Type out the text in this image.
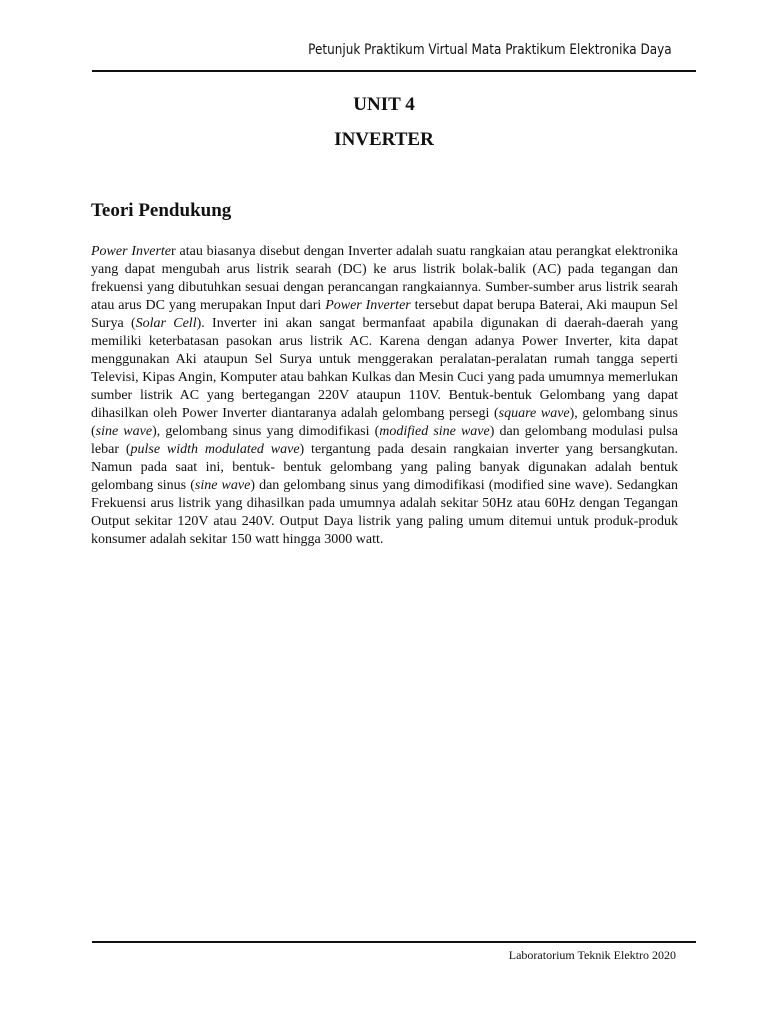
Petunjuk Praktikum Virtual Mata Praktikum Elektronika Daya
UNIT 4
INVERTER
Teori Pendukung

Power Inverter atau biasanya disebut dengan Inverter adalah suatu rangkaian atau perangkat elektronika yang dapat mengubah arus listrik searah (DC) ke arus listrik bolak-balik (AC) pada tegangan dan frekuensi yang dibutuhkan sesuai dengan perancangan rangkaiannya. Sumber-sumber arus listrik searah atau arus DC yang merupakan Input dari Power Inverter tersebut dapat berupa Baterai, Aki maupun Sel Surya (Solar Cell). Inverter ini akan sangat bermanfaat apabila digunakan di daerah-daerah yang memiliki keterbatasan pasokan arus listrik AC. Karena dengan adanya Power Inverter, kita dapat menggunakan Aki ataupun Sel Surya untuk menggerakan peralatan-peralatan rumah tangga seperti Televisi, Kipas Angin, Komputer atau bahkan Kulkas dan Mesin Cuci yang pada umumnya memerlukan sumber listrik AC yang bertegangan 220V ataupun 110V. Bentuk-bentuk Gelombang yang dapat dihasilkan oleh Power Inverter diantaranya adalah gelombang persegi (square wave), gelombang sinus (sine wave), gelombang sinus yang dimodifikasi (modified sine wave) dan gelombang modulasi pulsa lebar (pulse width modulated wave) tergantung pada desain rangkaian inverter yang bersangkutan. Namun pada saat ini, bentuk- bentuk gelombang yang paling banyak digunakan adalah bentuk gelombang sinus (sine wave) dan gelombang sinus yang dimodifikasi (modified sine wave). Sedangkan Frekuensi arus listrik yang dihasilkan pada umumnya adalah sekitar 50Hz atau 60Hz dengan Tegangan Output sekitar 120V atau 240V. Output Daya listrik yang paling umum ditemui untuk produk-produk konsumer adalah sekitar 150 watt hingga 3000 watt.

Laboratorium Teknik Elektro 2020
